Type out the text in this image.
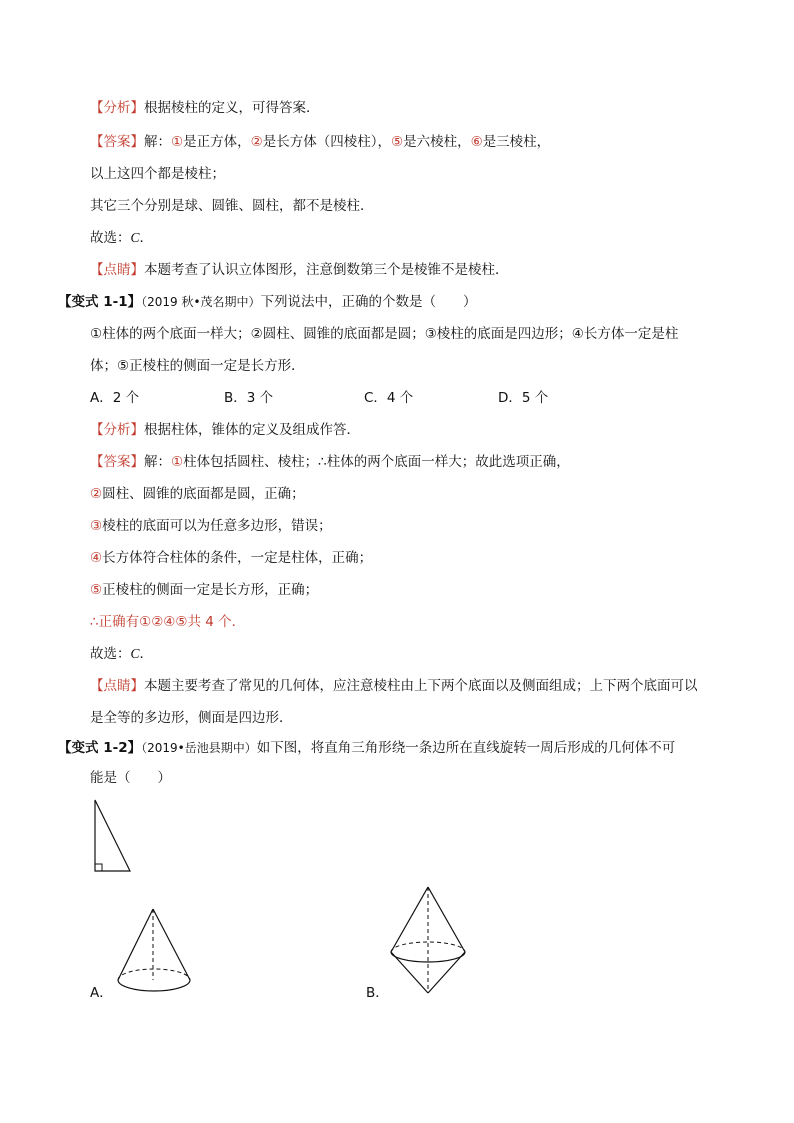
【分析】根据棱柱的定义，可得答案．
【答案】解：①是正方体，②是长方体（四棱柱），⑤是六棱柱，⑥是三棱柱，
以上这四个都是棱柱；
其它三个分别是球、圆锥、圆柱，都不是棱柱．
故选：C．
【点睛】本题考查了认识立体图形，注意倒数第三个是棱锥不是棱柱．
【变式 1-1】（2019 秋•茂名期中）下列说法中，正确的个数是（　　）
①柱体的两个底面一样大；②圆柱、圆锥的底面都是圆；③棱柱的底面是四边形；④长方体一定是柱
体；⑤正棱柱的侧面一定是长方形．
A．2 个	B．3 个	C．4 个	D．5 个
【分析】根据柱体，锥体的定义及组成作答．
【答案】解：①柱体包括圆柱、棱柱；∴柱体的两个底面一样大；故此选项正确，
②圆柱、圆锥的底面都是圆，正确；
③棱柱的底面可以为任意多边形，错误；
④长方体符合柱体的条件，一定是柱体，正确；
⑤正棱柱的侧面一定是长方形，正确；
∴正确有①②④⑤共 4 个．
故选：C．
【点睛】本题主要考查了常见的几何体，应注意棱柱由上下两个底面以及侧面组成；上下两个底面可以
是全等的多边形，侧面是四边形．
【变式 1-2】（2019•岳池县期中）如下图，将直角三角形绕一条边所在直线旋转一周后形成的几何体不可
能是（　　）
A．	B．
